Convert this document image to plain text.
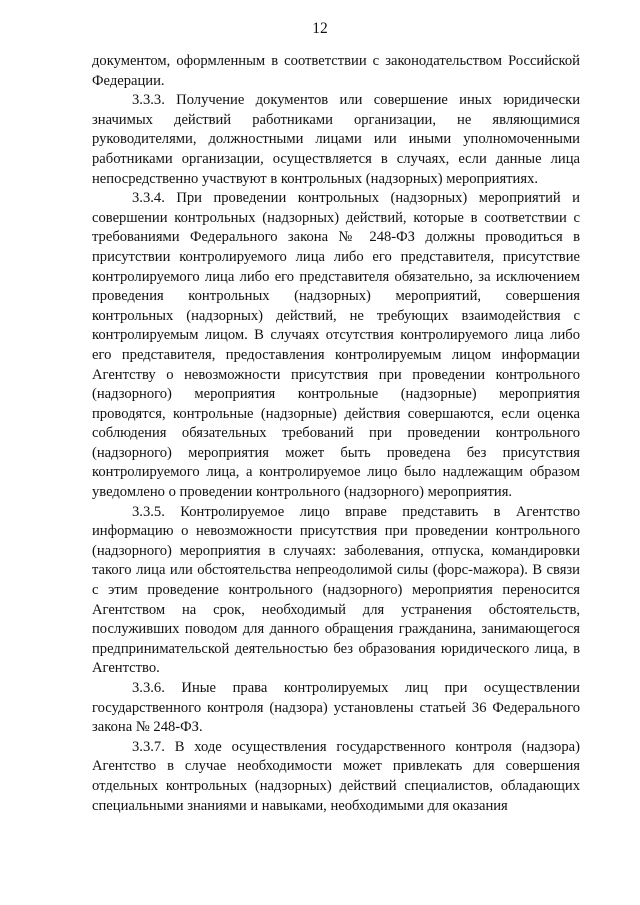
12

документом, оформленным в соответствии с законодательством Российской Федерации.

3.3.3. Получение документов или совершение иных юридически значимых действий работниками организации, не являющимися руководителями, должностными лицами или иными уполномоченными работниками организации, осуществляется в случаях, если данные лица непосредственно участвуют в контрольных (надзорных) мероприятиях.

3.3.4. При проведении контрольных (надзорных) мероприятий и совершении контрольных (надзорных) действий, которые в соответствии с требованиями Федерального закона № 248-ФЗ должны проводиться в присутствии контролируемого лица либо его представителя, присутствие контролируемого лица либо его представителя обязательно, за исключением проведения контрольных (надзорных) мероприятий, совершения контрольных (надзорных) действий, не требующих взаимодействия с контролируемым лицом. В случаях отсутствия контролируемого лица либо его представителя, предоставления контролируемым лицом информации Агентству о невозможности присутствия при проведении контрольного (надзорного) мероприятия контрольные (надзорные) мероприятия проводятся, контрольные (надзорные) действия совершаются, если оценка соблюдения обязательных требований при проведении контрольного (надзорного) мероприятия может быть проведена без присутствия контролируемого лица, а контролируемое лицо было надлежащим образом уведомлено о проведении контрольного (надзорного) мероприятия.

3.3.5. Контролируемое лицо вправе представить в Агентство информацию о невозможности присутствия при проведении контрольного (надзорного) мероприятия в случаях: заболевания, отпуска, командировки такого лица или обстоятельства непреодолимой силы (форс-мажора). В связи с этим проведение контрольного (надзорного) мероприятия переносится Агентством на срок, необходимый для устранения обстоятельств, послуживших поводом для данного обращения гражданина, занимающегося предпринимательской деятельностью без образования юридического лица, в Агентство.

3.3.6. Иные права контролируемых лиц при осуществлении государственного контроля (надзора) установлены статьей 36 Федерального закона № 248-ФЗ.

3.3.7. В ходе осуществления государственного контроля (надзора) Агентство в случае необходимости может привлекать для совершения отдельных контрольных (надзорных) действий специалистов, обладающих специальными знаниями и навыками, необходимыми для оказания
